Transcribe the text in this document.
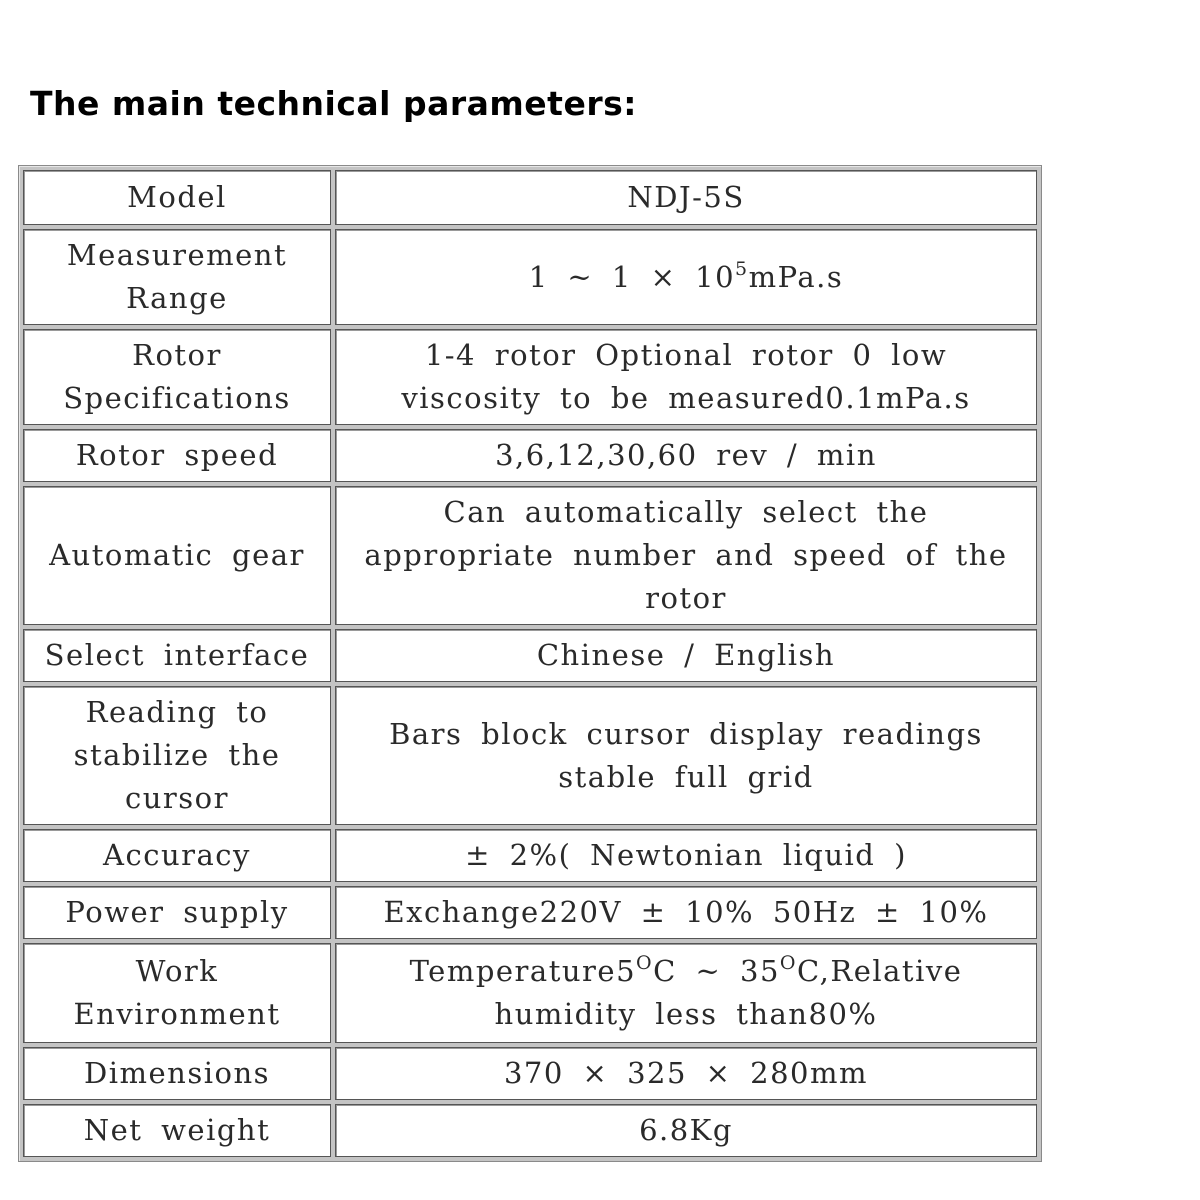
The main technical parameters:
Model	NDJ-5S
Measurement
Range	1 ~ $1 \times 10^5mPa.s$
Rotor
Specifications	1-4 rotor Optional rotor 0 low
viscosity to be measured0.1mPa.s
Rotor speed	3,6,12,30,60 rev / min
Automatic gear	Can automatically select the
appropriate number and speed of the
rotor
Select interface	Chinese / English
Reading to
stabilize the
cursor	Bars block cursor display readings
stable full grid
Accuracy	± 2%( Newtonian liquid )
Power supply	Exchange220V ± 10% 50Hz ± 10%
Work Environment	$Temperature5^OC$ ~ $35^OC,Relative$
humidity less than80%
Dimensions	370 × 325 × 280mm
Net weight	6.8Kg
